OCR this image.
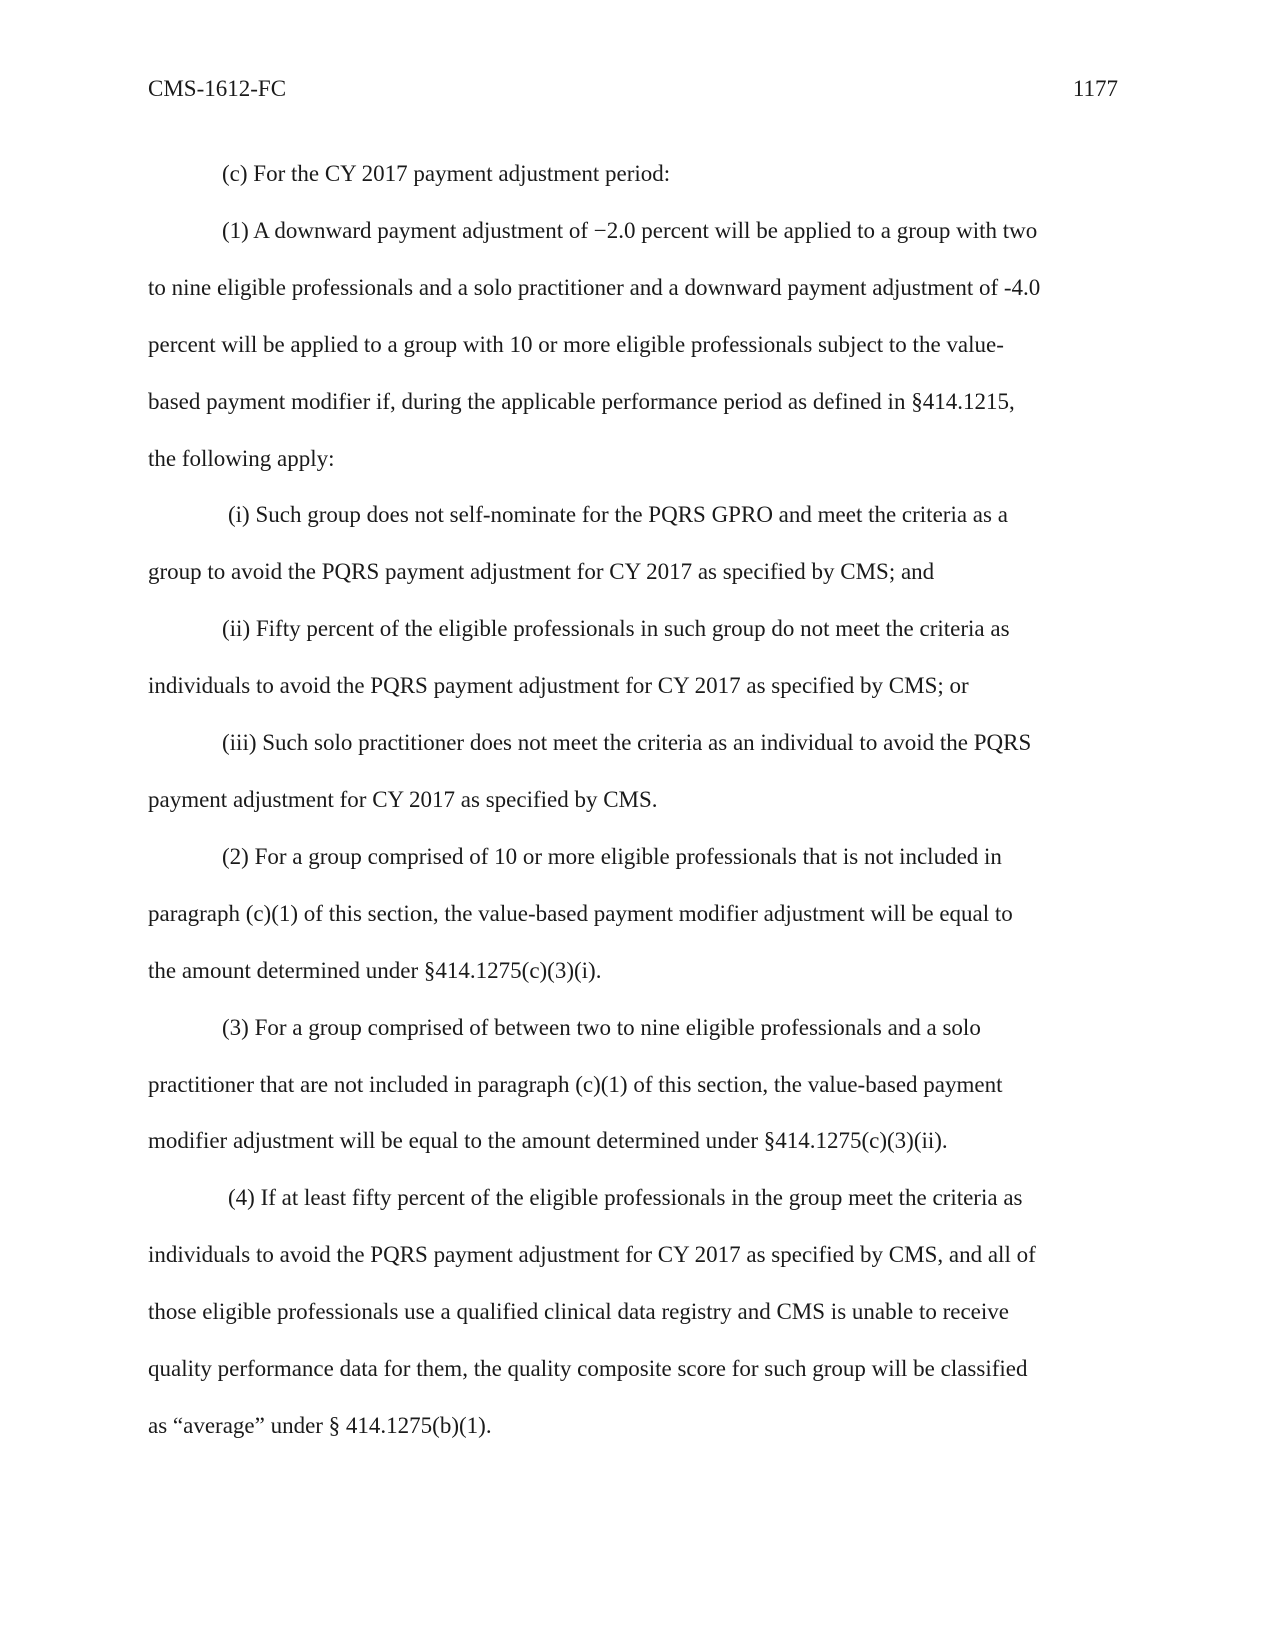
CMS-1612-FC	1177
(c) For the CY 2017 payment adjustment period:
(1) A downward payment adjustment of −2.0 percent will be applied to a group with two
to nine eligible professionals and a solo practitioner and a downward payment adjustment of -4.0
percent will be applied to a group with 10 or more eligible professionals subject to the value-
based payment modifier if, during the applicable performance period as defined in §414.1215,
the following apply:
(i) Such group does not self-nominate for the PQRS GPRO and meet the criteria as a
group to avoid the PQRS payment adjustment for CY 2017 as specified by CMS; and
(ii) Fifty percent of the eligible professionals in such group do not meet the criteria as
individuals to avoid the PQRS payment adjustment for CY 2017 as specified by CMS; or
(iii) Such solo practitioner does not meet the criteria as an individual to avoid the PQRS
payment adjustment for CY 2017 as specified by CMS.
(2) For a group comprised of 10 or more eligible professionals that is not included in
paragraph (c)(1) of this section, the value-based payment modifier adjustment will be equal to
the amount determined under §414.1275(c)(3)(i).
(3) For a group comprised of between two to nine eligible professionals and a solo
practitioner that are not included in paragraph (c)(1) of this section, the value-based payment
modifier adjustment will be equal to the amount determined under §414.1275(c)(3)(ii).
(4) If at least fifty percent of the eligible professionals in the group meet the criteria as
individuals to avoid the PQRS payment adjustment for CY 2017 as specified by CMS, and all of
those eligible professionals use a qualified clinical data registry and CMS is unable to receive
quality performance data for them, the quality composite score for such group will be classified
as “average” under § 414.1275(b)(1).
